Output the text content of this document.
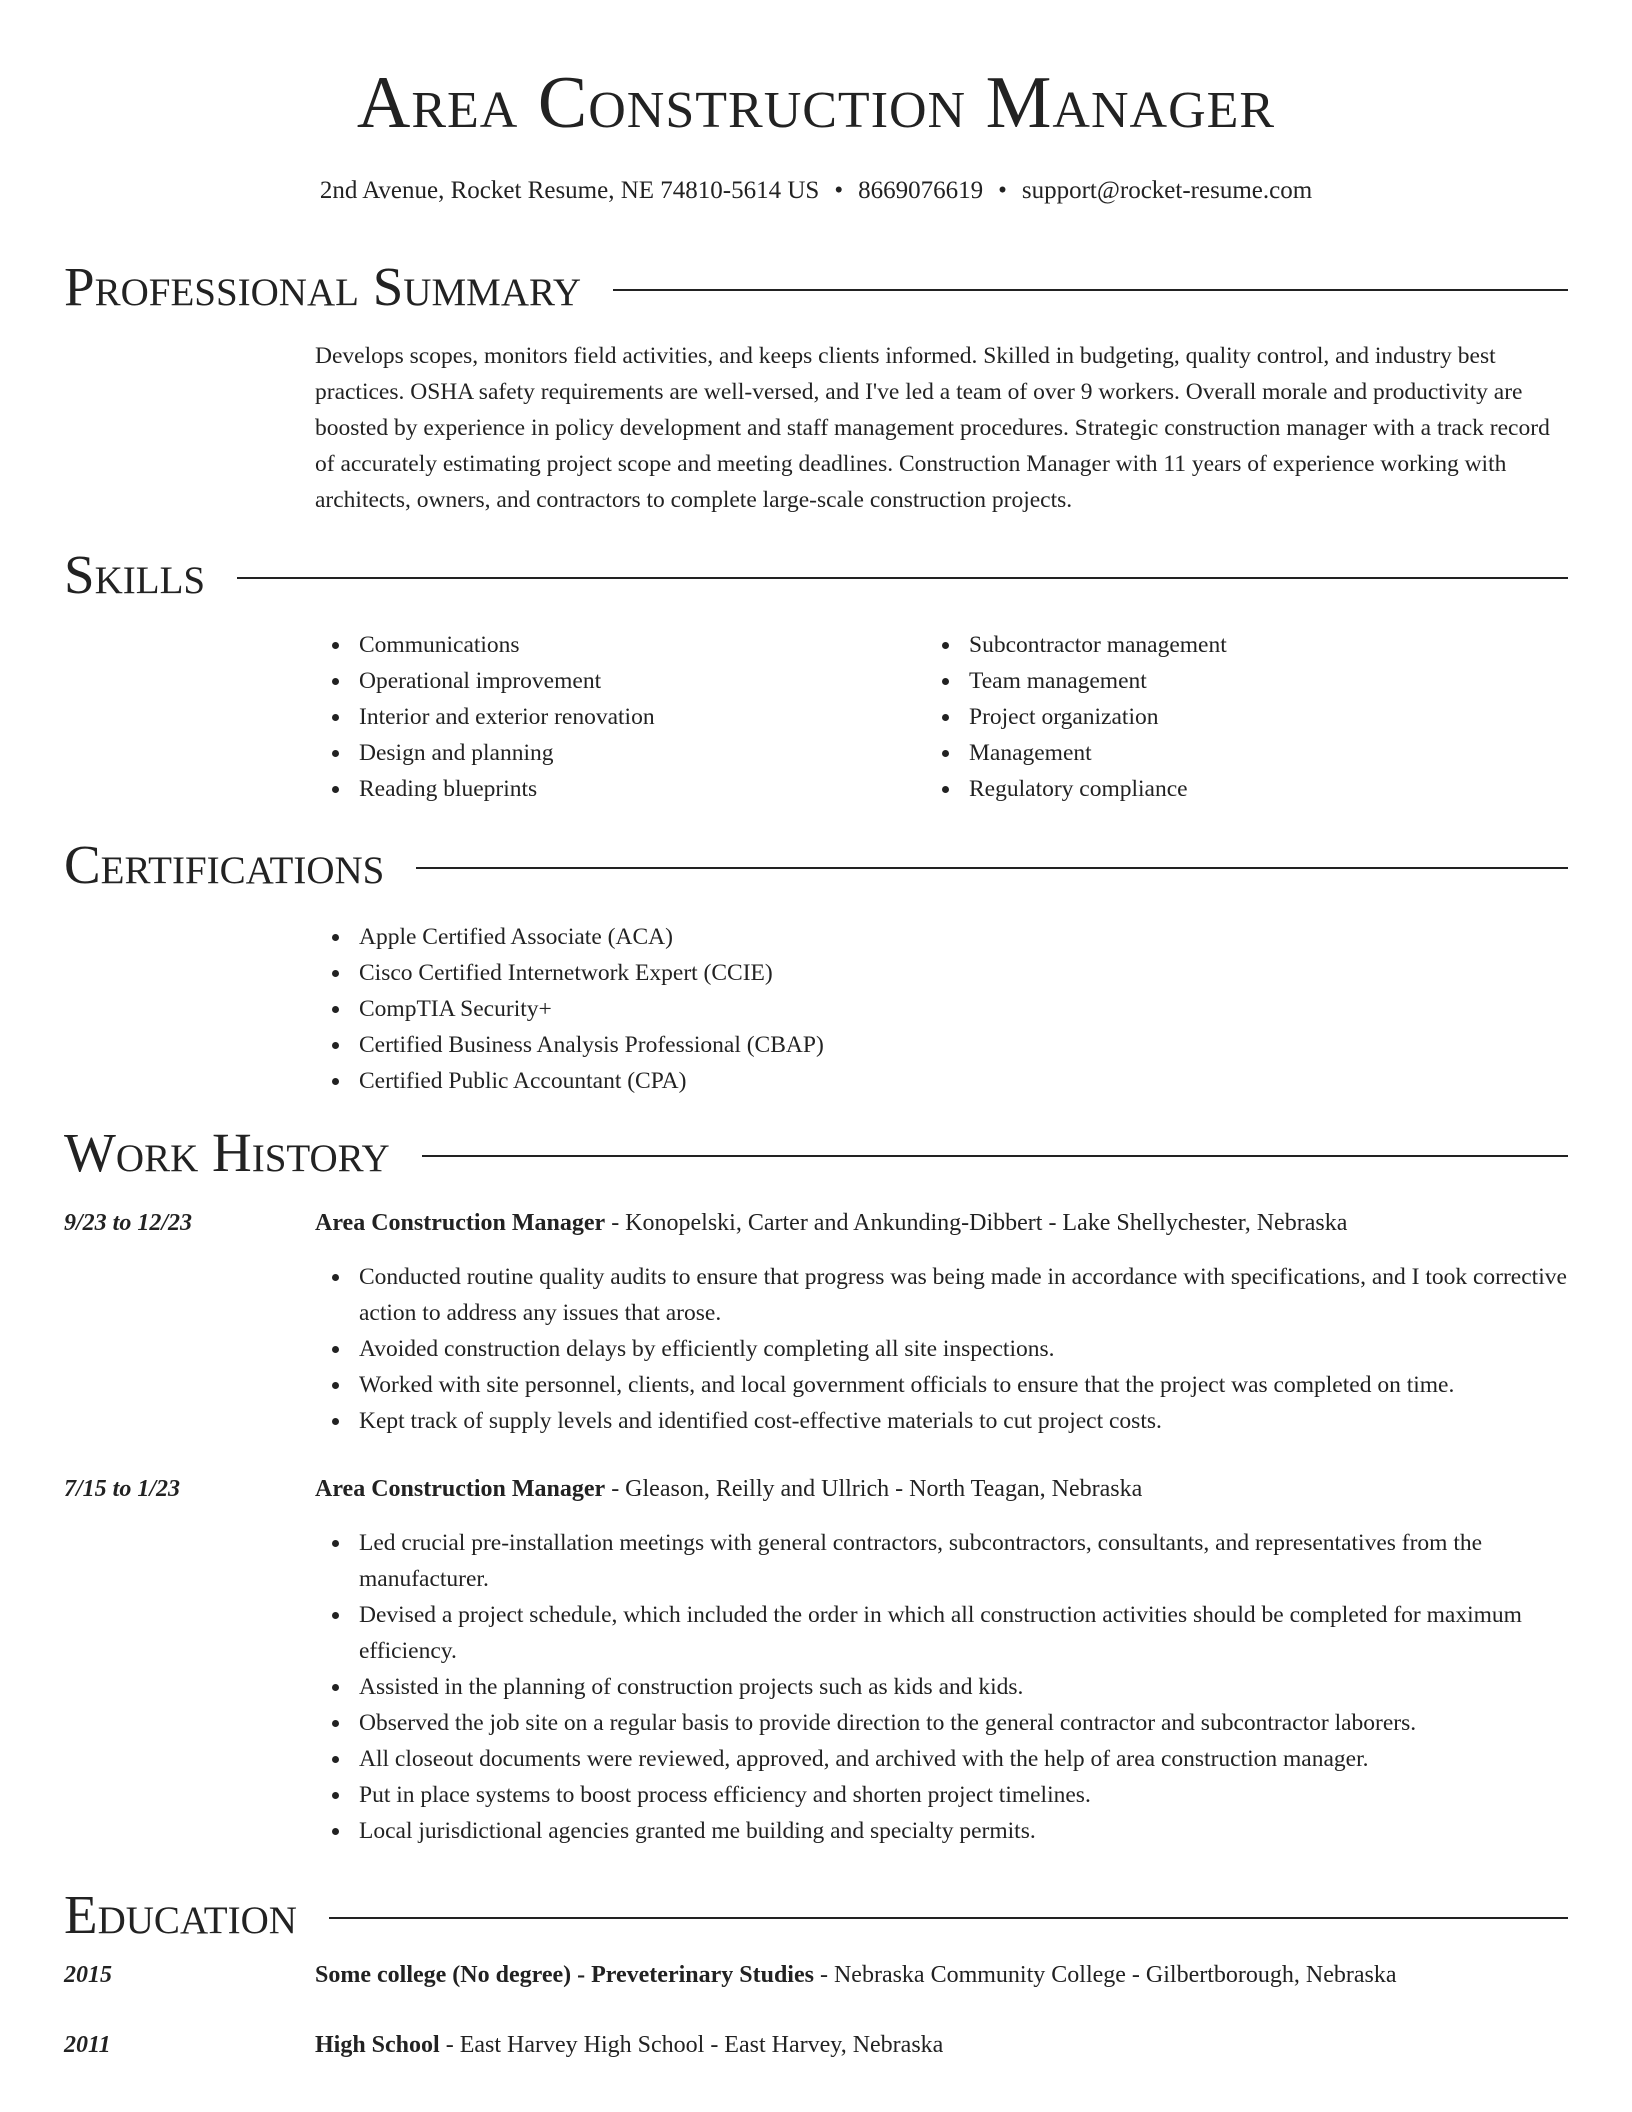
Area Construction Manager
2nd Avenue, Rocket Resume, NE 74810-5614 US • 8669076619 • support@rocket-resume.com
Professional Summary
Develops scopes, monitors field activities, and keeps clients informed. Skilled in budgeting, quality control, and industry best practices. OSHA safety requirements are well-versed, and I've led a team of over 9 workers. Overall morale and productivity are boosted by experience in policy development and staff management procedures. Strategic construction manager with a track record of accurately estimating project scope and meeting deadlines. Construction Manager with 11 years of experience working with architects, owners, and contractors to complete large-scale construction projects.
Skills
Communications
Operational improvement
Interior and exterior renovation
Design and planning
Reading blueprints
Subcontractor management
Team management
Project organization
Management
Regulatory compliance
Certifications
Apple Certified Associate (ACA)
Cisco Certified Internetwork Expert (CCIE)
CompTIA Security+
Certified Business Analysis Professional (CBAP)
Certified Public Accountant (CPA)
Work History
9/23 to 12/23	Area Construction Manager - Konopelski, Carter and Ankunding-Dibbert - Lake Shellychester, Nebraska
Conducted routine quality audits to ensure that progress was being made in accordance with specifications, and I took corrective action to address any issues that arose.
Avoided construction delays by efficiently completing all site inspections.
Worked with site personnel, clients, and local government officials to ensure that the project was completed on time.
Kept track of supply levels and identified cost-effective materials to cut project costs.
7/15 to 1/23	Area Construction Manager - Gleason, Reilly and Ullrich - North Teagan, Nebraska
Led crucial pre-installation meetings with general contractors, subcontractors, consultants, and representatives from the manufacturer.
Devised a project schedule, which included the order in which all construction activities should be completed for maximum efficiency.
Assisted in the planning of construction projects such as kids and kids.
Observed the job site on a regular basis to provide direction to the general contractor and subcontractor laborers.
All closeout documents were reviewed, approved, and archived with the help of area construction manager.
Put in place systems to boost process efficiency and shorten project timelines.
Local jurisdictional agencies granted me building and specialty permits.
Education
2015	Some college (No degree) - Preveterinary Studies - Nebraska Community College - Gilbertborough, Nebraska
2011	High School - East Harvey High School - East Harvey, Nebraska
